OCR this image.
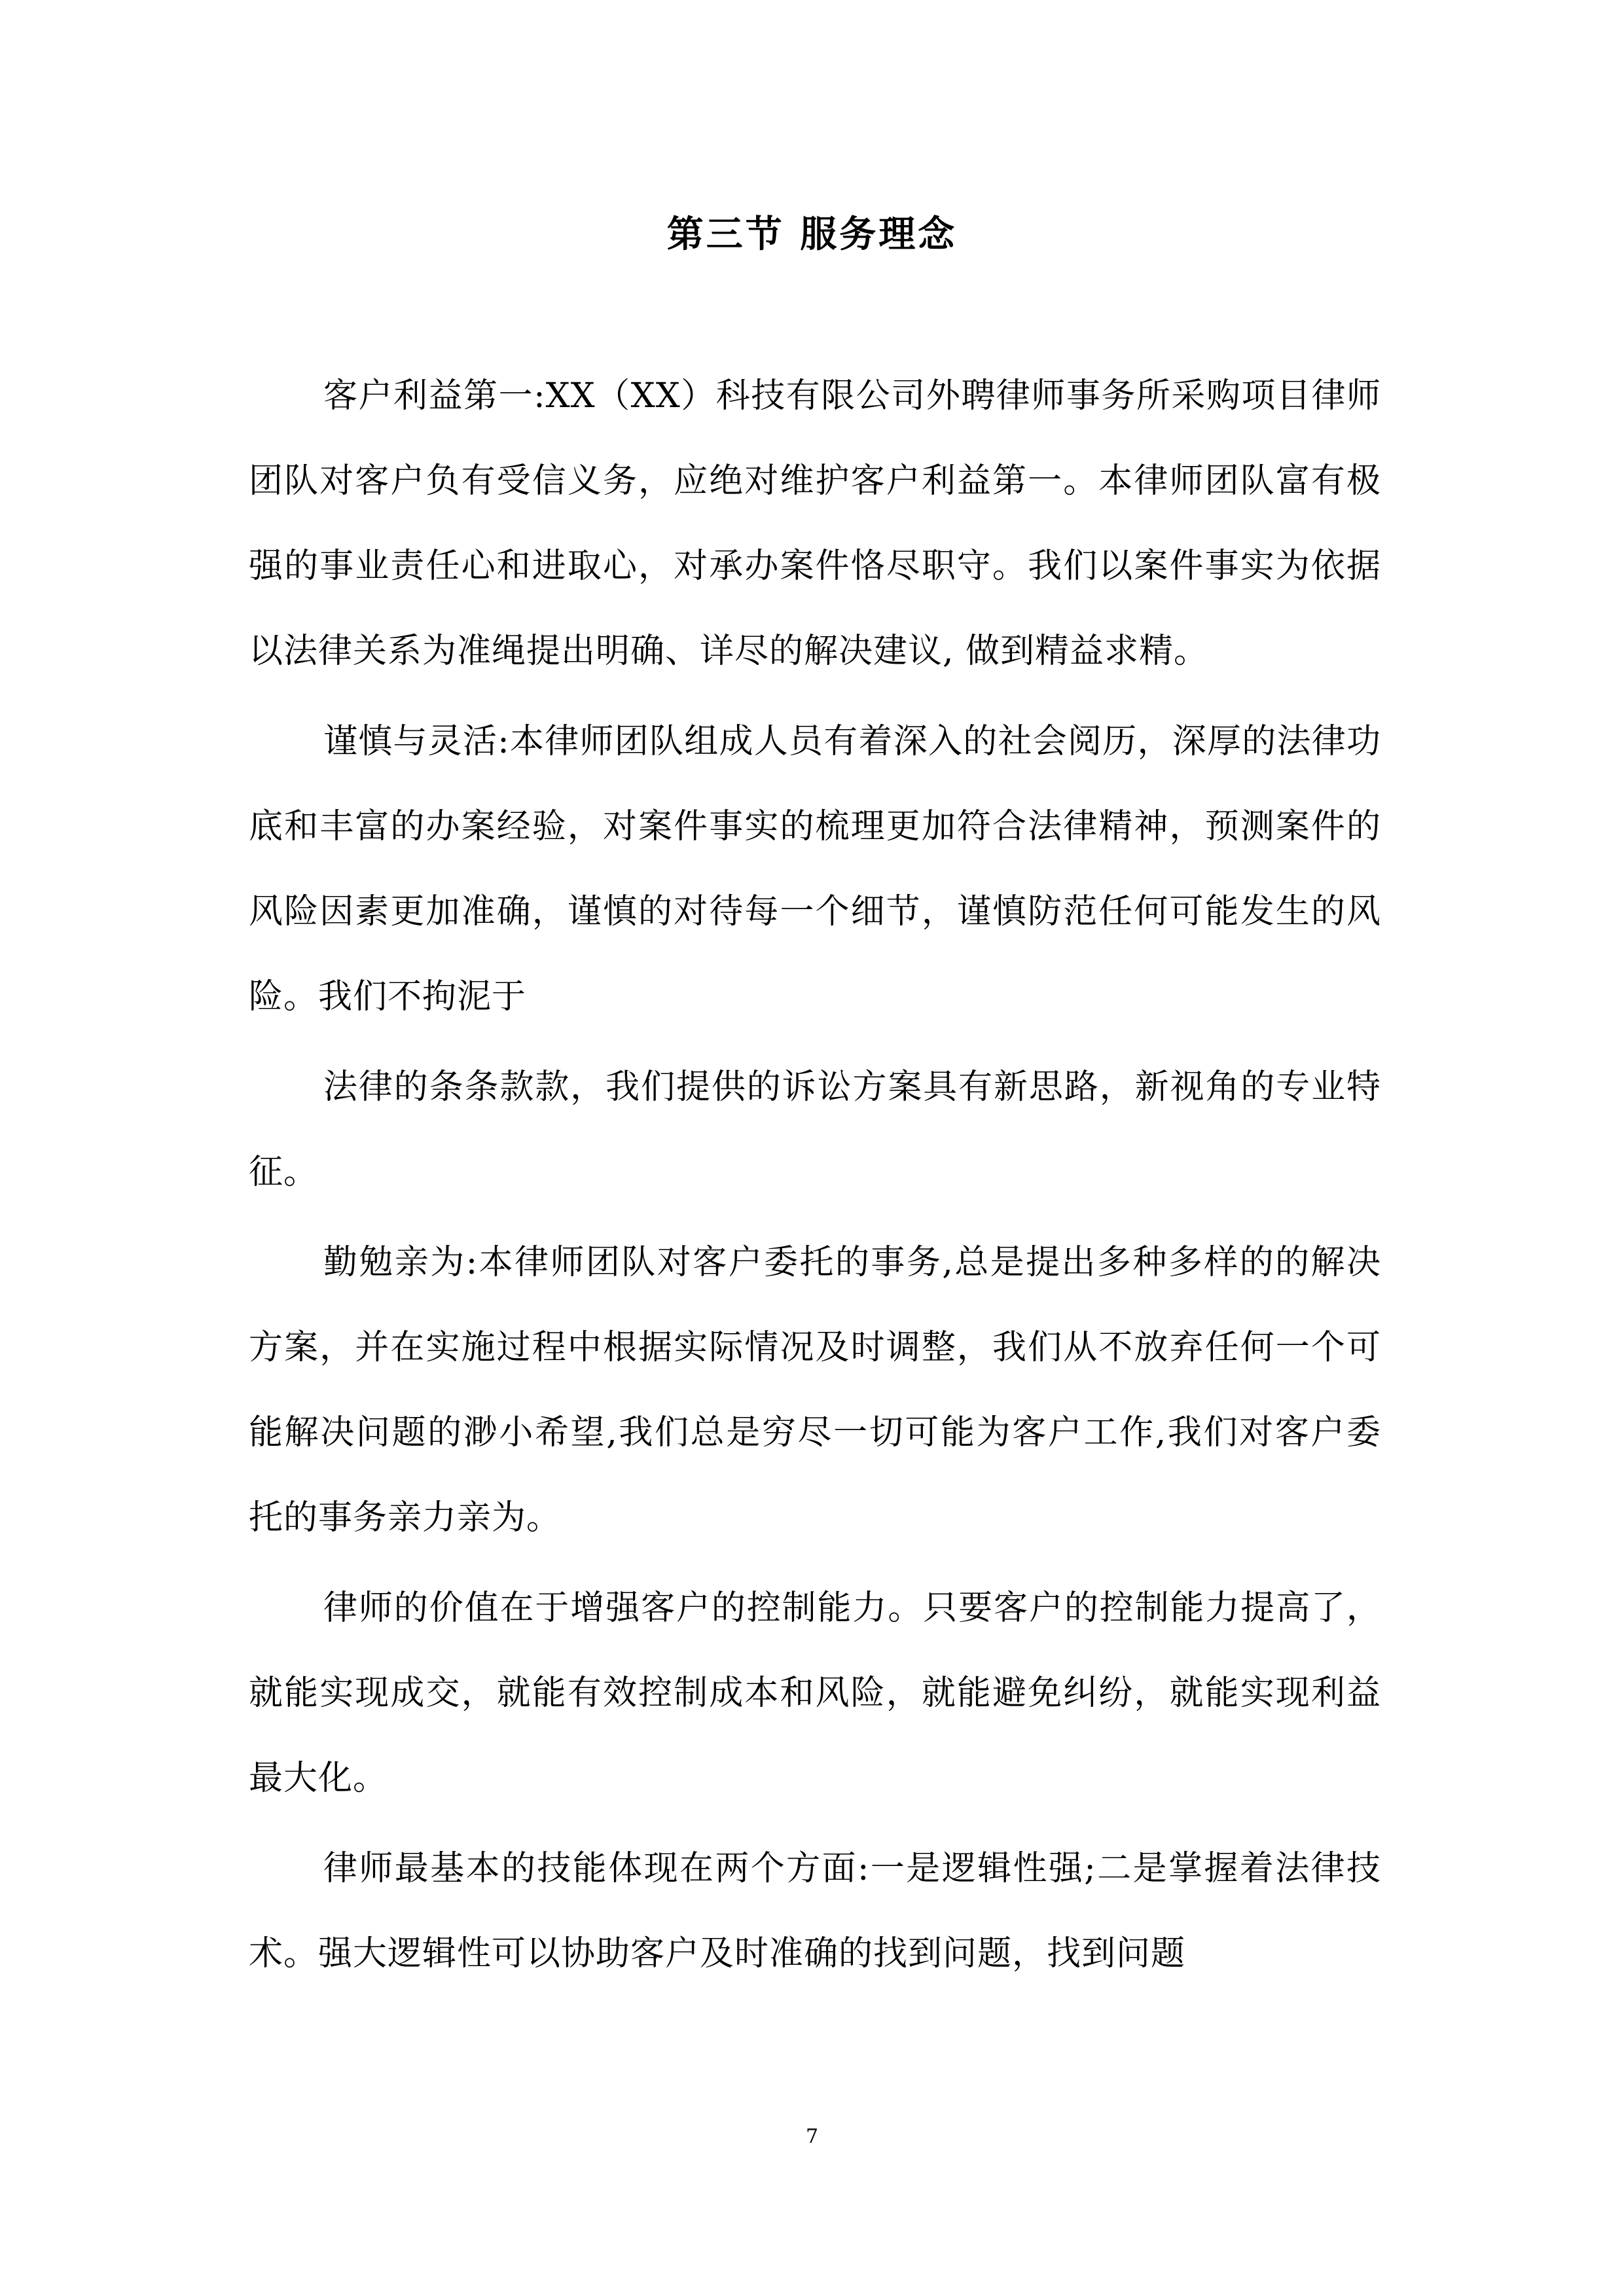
第三节 服务理念

客户利益第一:XX（XX）科技有限公司外聘律师事务所采购项目律师团队对客户负有受信义务，应绝对维护客户利益第一。本律师团队富有极强的事业责任心和进取心，对承办案件恪尽职守。我们以案件事实为依据以法律关系为准绳提出明确、详尽的解决建议, 做到精益求精。

谨慎与灵活:本律师团队组成人员有着深入的社会阅历，深厚的法律功底和丰富的办案经验，对案件事实的梳理更加符合法律精神，预测案件的风险因素更加准确，谨慎的对待每一个细节，谨慎防范任何可能发生的风险。我们不拘泥于

法律的条条款款，我们提供的诉讼方案具有新思路，新视角的专业特征。

勤勉亲为:本律师团队对客户委托的事务,总是提出多种多样的的解决方案，并在实施过程中根据实际情况及时调整，我们从不放弃任何一个可能解决问题的渺小希望,我们总是穷尽一切可能为客户工作,我们对客户委托的事务亲力亲为。

律师的价值在于增强客户的控制能力。只要客户的控制能力提高了，就能实现成交，就能有效控制成本和风险，就能避免纠纷，就能实现利益最大化。

律师最基本的技能体现在两个方面:一是逻辑性强;二是掌握着法律技术。强大逻辑性可以协助客户及时准确的找到问题，找到问题

7
